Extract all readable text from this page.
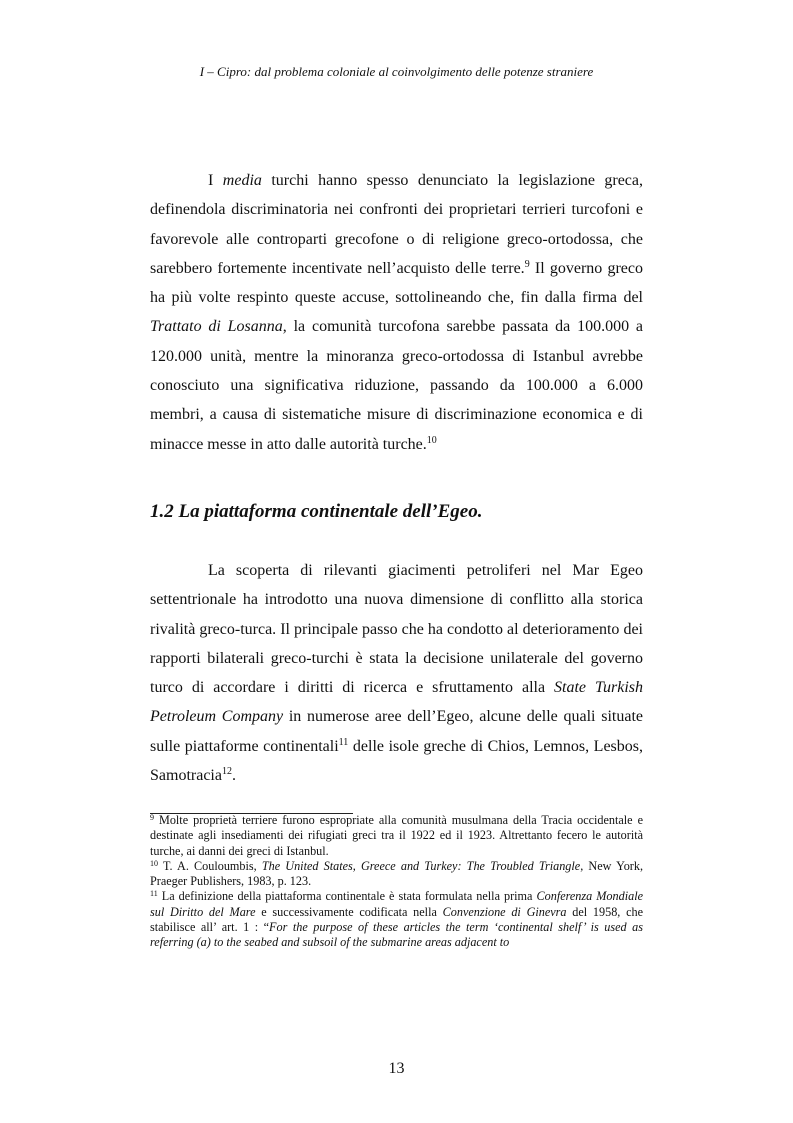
I – Cipro: dal problema coloniale al coinvolgimento delle potenze straniere

I media turchi hanno spesso denunciato la legislazione greca, definendola discriminatoria nei confronti dei proprietari terrieri turcofoni e favorevole alle controparti grecofone o di religione greco-ortodossa, che sarebbero fortemente incentivate nell’acquisto delle terre.$^9$ Il governo greco ha più volte respinto queste accuse, sottolineando che, fin dalla firma del Trattato di Losanna, la comunità turcofona sarebbe passata da 100.000 a 120.000 unità, mentre la minoranza greco-ortodossa di Istanbul avrebbe conosciuto una significativa riduzione, passando da 100.000 a 6.000 membri, a causa di sistematiche misure di discriminazione economica e di minacce messe in atto dalle autorità turche.$^{10}$

1.2 La piattaforma continentale dell’Egeo.

La scoperta di rilevanti giacimenti petroliferi nel Mar Egeo settentrionale ha introdotto una nuova dimensione di conflitto alla storica rivalità greco-turca. Il principale passo che ha condotto al deterioramento dei rapporti bilaterali greco-turchi è stata la decisione unilaterale del governo turco di accordare i diritti di ricerca e sfruttamento alla State Turkish Petroleum Company in numerose aree dell’Egeo, alcune delle quali situate sulle piattaforme continentali$^{11}$ delle isole greche di Chios, Lemnos, Lesbos, Samotracia$^{12}$.

$^9$ Molte proprietà terriere furono espropriate alla comunità musulmana della Tracia occidentale e destinate agli insediamenti dei rifugiati greci tra il 1922 ed il 1923. Altrettanto fecero le autorità turche, ai danni dei greci di Istanbul.

$^{10}$ T. A. Couloumbis, The United States, Greece and Turkey: The Troubled Triangle, New York, Praeger Publishers, 1983, p. 123.

$^{11}$ La definizione della piattaforma continentale è stata formulata nella prima Conferenza Mondiale sul Diritto del Mare e successivamente codificata nella Convenzione di Ginevra del 1958, che stabilisce all’ art. 1 : “For the purpose of these articles the term ‘continental shelf’ is used as referring (a) to the seabed and subsoil of the submarine areas adjacent to

13
